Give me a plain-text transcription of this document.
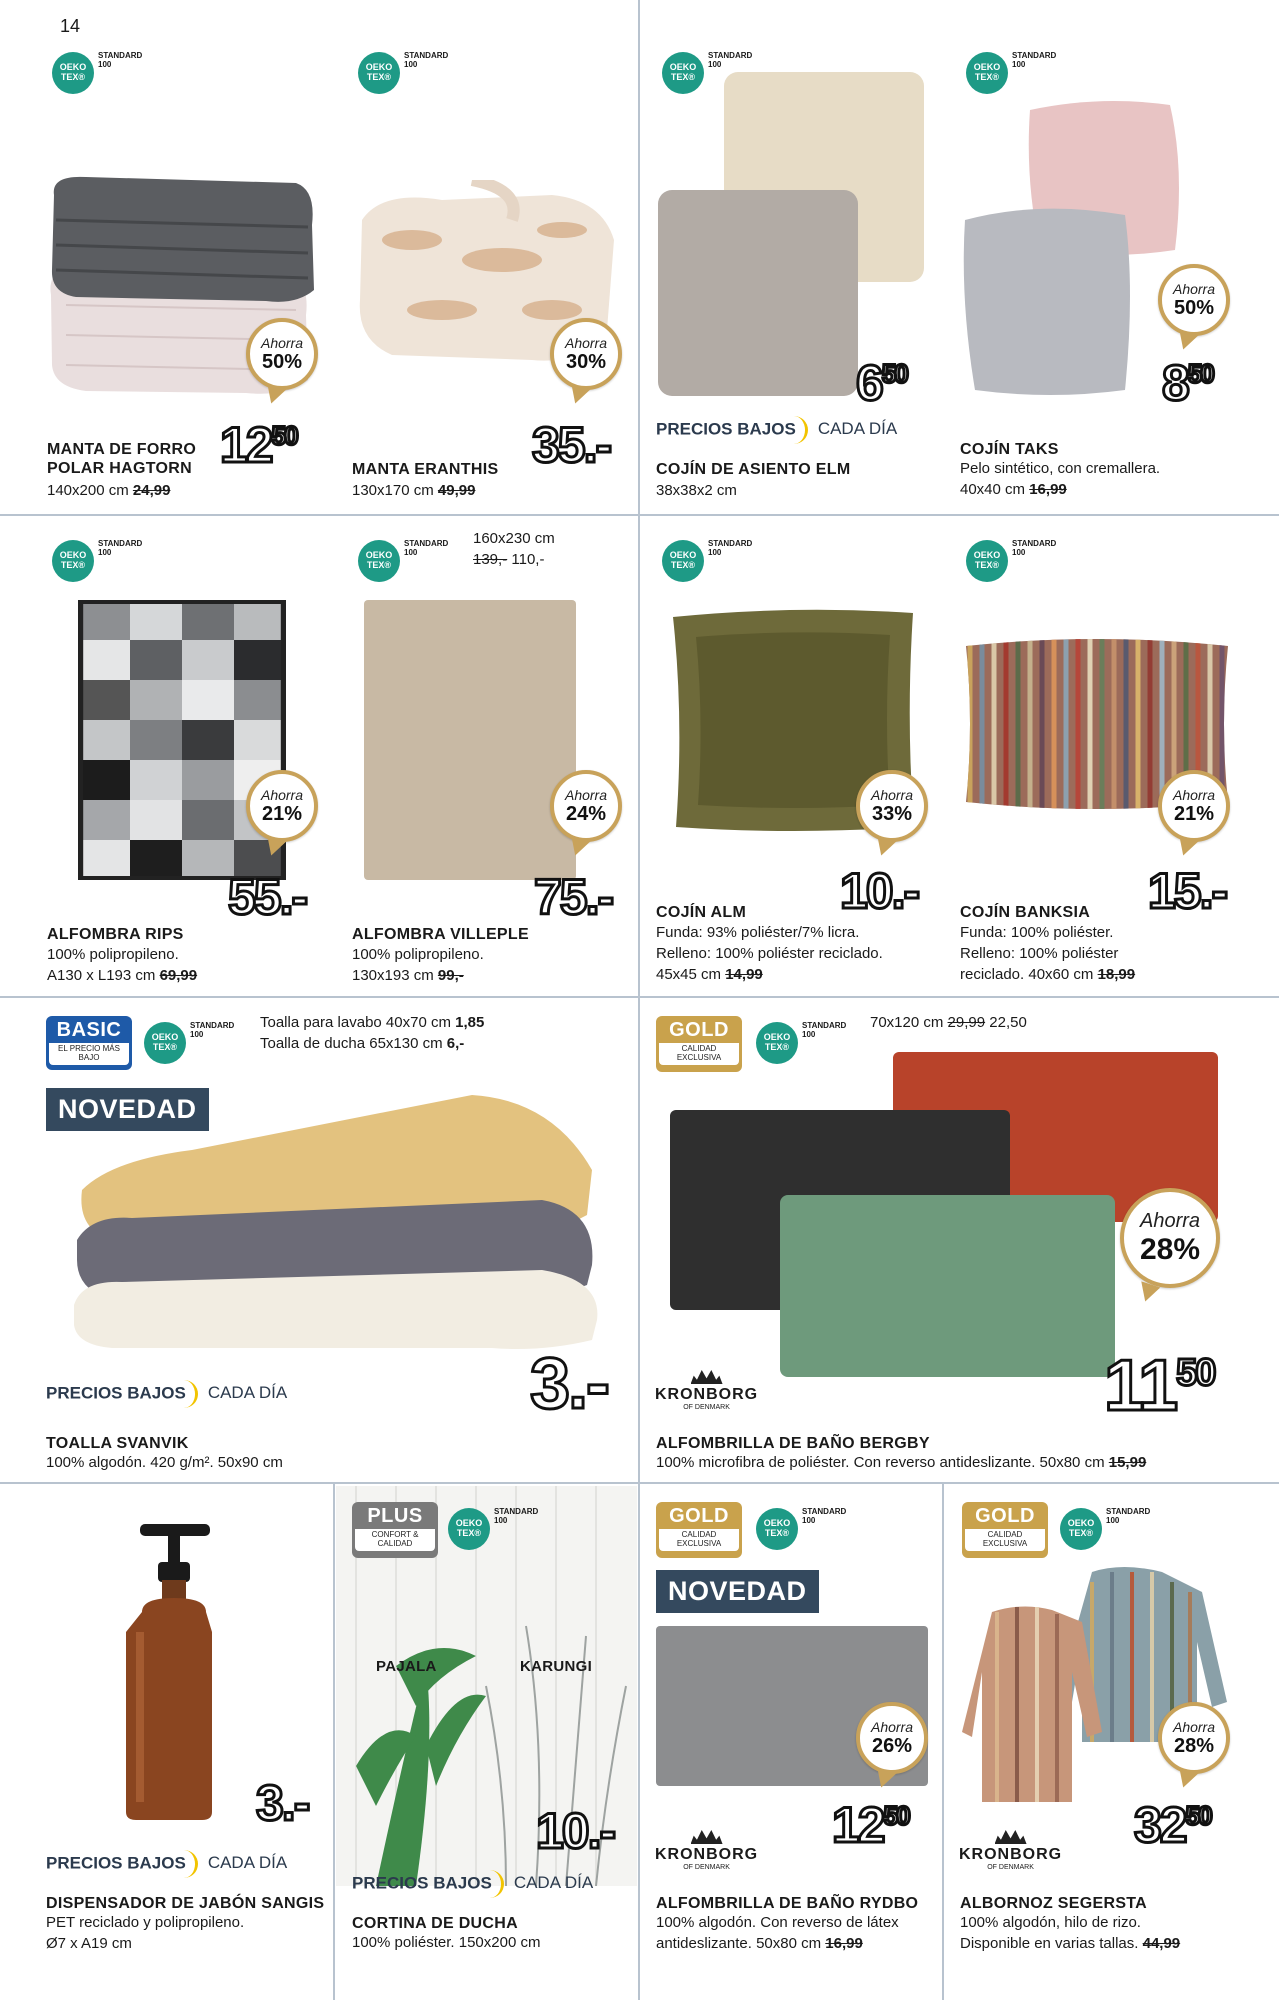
14
OEKO
TEX®
STANDARD
100
Ahorra
50%
$12^{50}$
MANTA DE FORRO
POLAR HAGTORN
140x200 cm 24,99
OEKO
TEX®
STANDARD
100
Ahorra
30%
35.-
MANTA ERANTHIS
130x170 cm 49,99
OEKO
TEX®
STANDARD
100
$6^{50}$
PRECIOS BAJOS CADA DÍA
COJÍN DE ASIENTO ELM
38x38x2 cm
OEKO
TEX®
STANDARD
100
Ahorra
50%
$8^{50}$
COJÍN TAKS
Pelo sintético, con cremallera.
40x40 cm 16,99
OEKO
TEX®
STANDARD
100
Ahorra
21%
55.-
ALFOMBRA RIPS
100% polipropileno.
A130 x L193 cm 69,99
OEKO
TEX®
STANDARD
100
160x230 cm
139,- 110,-
Ahorra
24%
75.-
ALFOMBRA VILLEPLE
100% polipropileno.
130x193 cm 99,-
OEKO
TEX®
STANDARD
100
Ahorra
33%
10.-
COJÍN ALM
Funda: 93% poliéster/7% licra.
Relleno: 100% poliéster reciclado.
45x45 cm 14,99
OEKO
TEX®
STANDARD
100
Ahorra
21%
15.-
COJÍN BANKSIA
Funda: 100% poliéster.
Relleno: 100% poliéster
reciclado. 40x60 cm 18,99
BASIC
EL PRECIO MÁS BAJO
OEKO
TEX®
STANDARD
100
Toalla para lavabo 40x70 cm 1,85
Toalla de ducha 65x130 cm 6,-
NOVEDAD
3.-
PRECIOS BAJOS CADA DÍA
TOALLA SVANVIK
100% algodón. 420 g/m². 50x90 cm
GOLD
CALIDAD EXCLUSIVA
OEKO
TEX®
STANDARD
100
70x120 cm 29,99 22,50
Ahorra
28%
$11^{50}$
KRONBORG
OF DENMARK
ALFOMBRILLA DE BAÑO BERGBY
100% microfibra de poliéster. Con reverso antideslizante. 50x80 cm 15,99
3.-
PRECIOS BAJOS CADA DÍA
DISPENSADOR DE JABÓN SANGIS
PET reciclado y polipropileno.
Ø7 x A19 cm
PLUS
CONFORT & CALIDAD
OEKO
TEX®
STANDARD
100
PAJALA	KARUNGI
10.-
PRECIOS BAJOS CADA DÍA
CORTINA DE DUCHA
100% poliéster. 150x200 cm
GOLD
CALIDAD EXCLUSIVA
OEKO
TEX®
STANDARD
100
NOVEDAD
Ahorra
26%
$12^{50}$
KRONBORG
OF DENMARK
ALFOMBRILLA DE BAÑO RYDBO
100% algodón. Con reverso de látex
antideslizante. 50x80 cm 16,99
GOLD
CALIDAD EXCLUSIVA
OEKO
TEX®
STANDARD
100
Ahorra
28%
$32^{50}$
KRONBORG
OF DENMARK
ALBORNOZ SEGERSTA
100% algodón, hilo de rizo.
Disponible en varias tallas. 44,99
